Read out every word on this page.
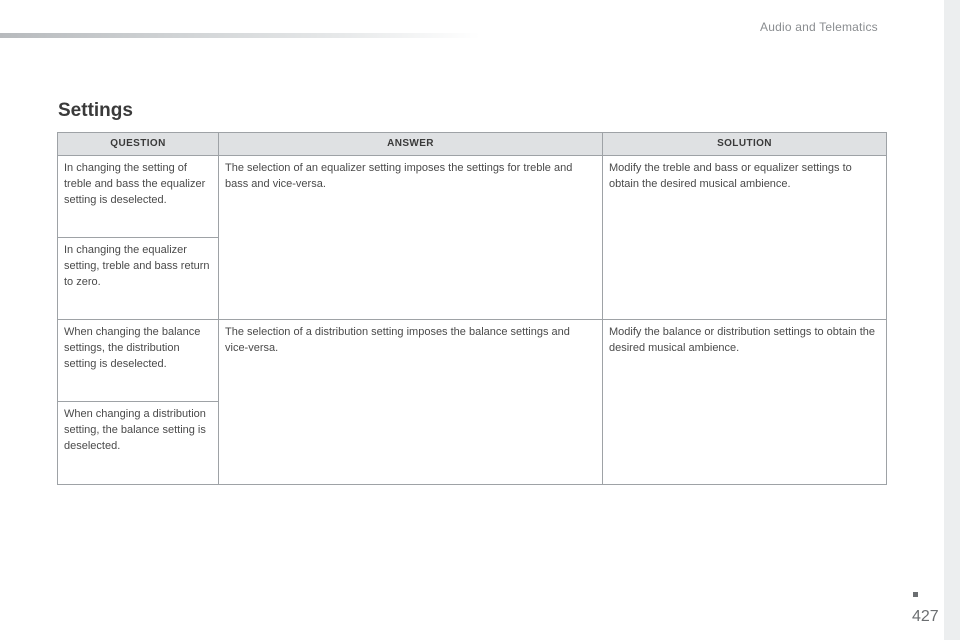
Audio and Telematics
Settings
QUESTION	ANSWER	SOLUTION
In changing the setting of treble and bass the equalizer setting is deselected.	The selection of an equalizer setting imposes the settings for treble and bass and vice-versa.	Modify the treble and bass or equalizer settings to obtain the desired musical ambience.
In changing the equalizer setting, treble and bass return to zero.		
When changing the balance settings, the distribution setting is deselected.	The selection of a distribution setting imposes the balance settings and vice-versa.	Modify the balance or distribution settings to obtain the desired musical ambience.
When changing a distribution setting, the balance setting is deselected.		
427
